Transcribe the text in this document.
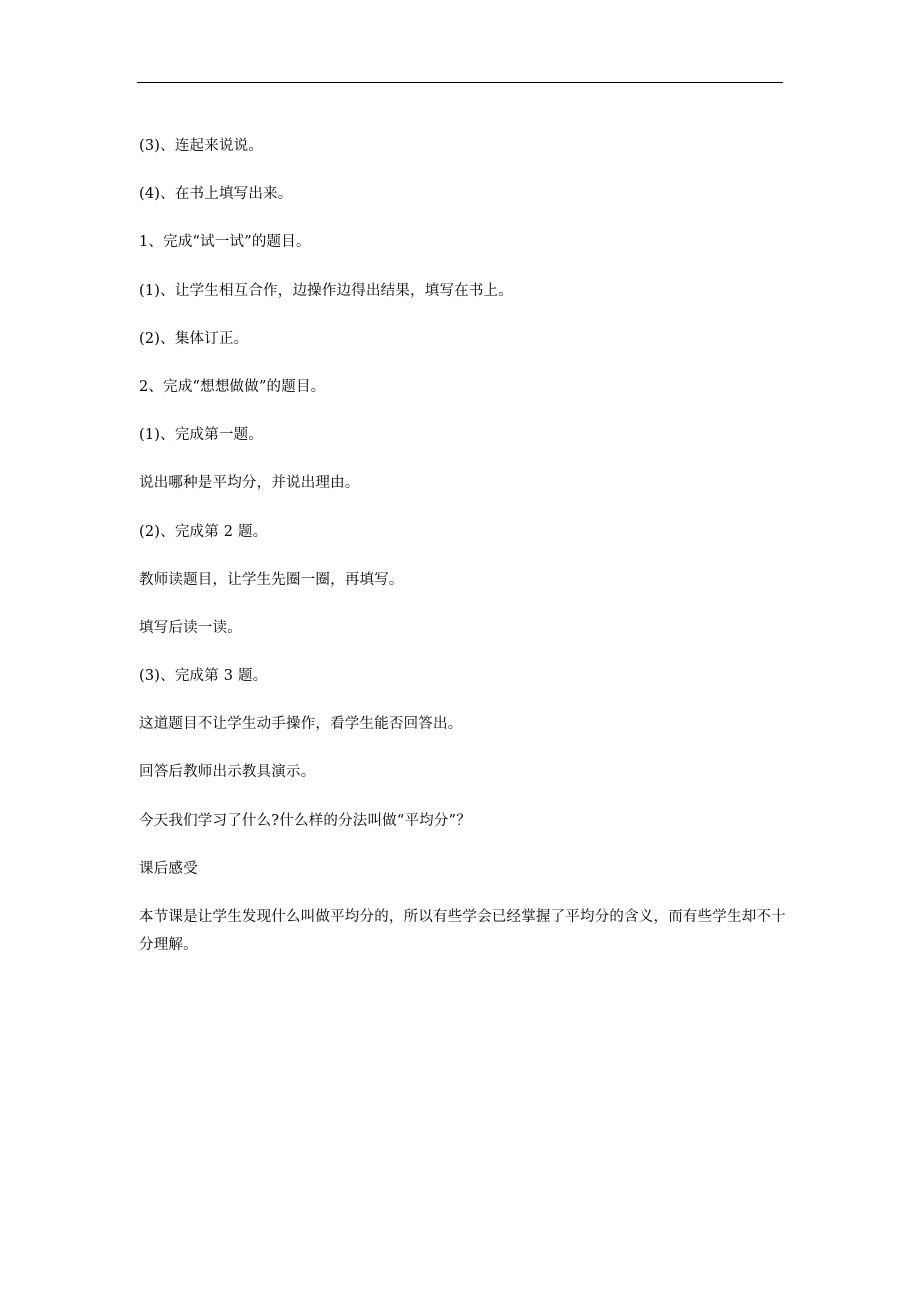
(3)、连起来说说。

(4)、在书上填写出来。

1、完成“试一试”的题目。

(1)、让学生相互合作，边操作边得出结果，填写在书上。

(2)、集体订正。

2、完成“想想做做”的题目。

(1)、完成第一题。

说出哪种是平均分，并说出理由。

(2)、完成第 2 题。

教师读题目，让学生先圈一圈，再填写。

填写后读一读。

(3)、完成第 3 题。

这道题目不让学生动手操作，看学生能否回答出。

回答后教师出示教具演示。

今天我们学习了什么?什么样的分法叫做“平均分”？

课后感受

本节课是让学生发现什么叫做平均分的，所以有些学会已经掌握了平均分的含义，而有些学生却不十分理解。
